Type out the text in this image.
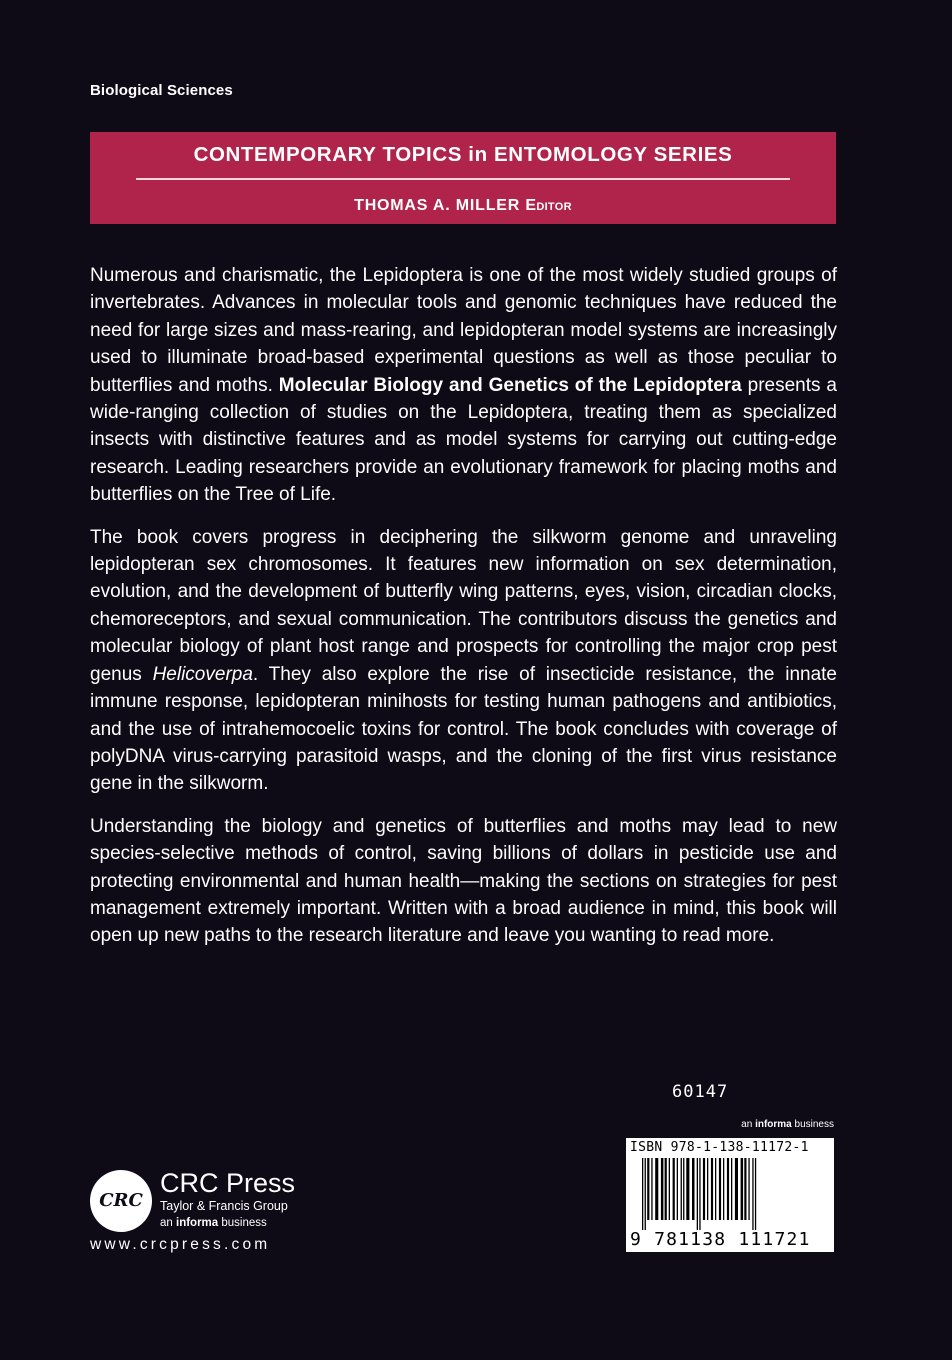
Biological Sciences
CONTEMPORARY TOPICS in ENTOMOLOGY SERIES
THOMAS A. MILLER Editor

Numerous and charismatic, the Lepidoptera is one of the most widely studied groups of invertebrates. Advances in molecular tools and genomic techniques have reduced the need for large sizes and mass-rearing, and lepidopteran model systems are increasingly used to illuminate broad-based experimental questions as well as those peculiar to butterflies and moths. Molecular Biology and Genetics of the Lepidoptera presents a wide-ranging collection of studies on the Lepidoptera, treating them as specialized insects with distinctive features and as model systems for carrying out cutting-edge research. Leading researchers provide an evolutionary framework for placing moths and butterflies on the Tree of Life.

The book covers progress in deciphering the silkworm genome and unraveling lepidopteran sex chromosomes. It features new information on sex determination, evolution, and the development of butterfly wing patterns, eyes, vision, circadian clocks, chemoreceptors, and sexual communication. The contributors discuss the genetics and molecular biology of plant host range and prospects for controlling the major crop pest genus Helicoverpa. They also explore the rise of insecticide resistance, the innate immune response, lepidopteran minihosts for testing human pathogens and antibiotics, and the use of intrahemocoelic toxins for control. The book concludes with coverage of polyDNA virus-carrying parasitoid wasps, and the cloning of the first virus resistance gene in the silkworm.

Understanding the biology and genetics of butterflies and moths may lead to new species-selective methods of control, saving billions of dollars in pesticide use and protecting environmental and human health—making the sections on strategies for pest management extremely important. Written with a broad audience in mind, this book will open up new paths to the research literature and leave you wanting to read more.

60147
an informa business
ISBN 978-1-138-11172-1
9 781138 111721
CRC
CRC Press
Taylor & Francis Group
an informa business
www.crcpress.com
